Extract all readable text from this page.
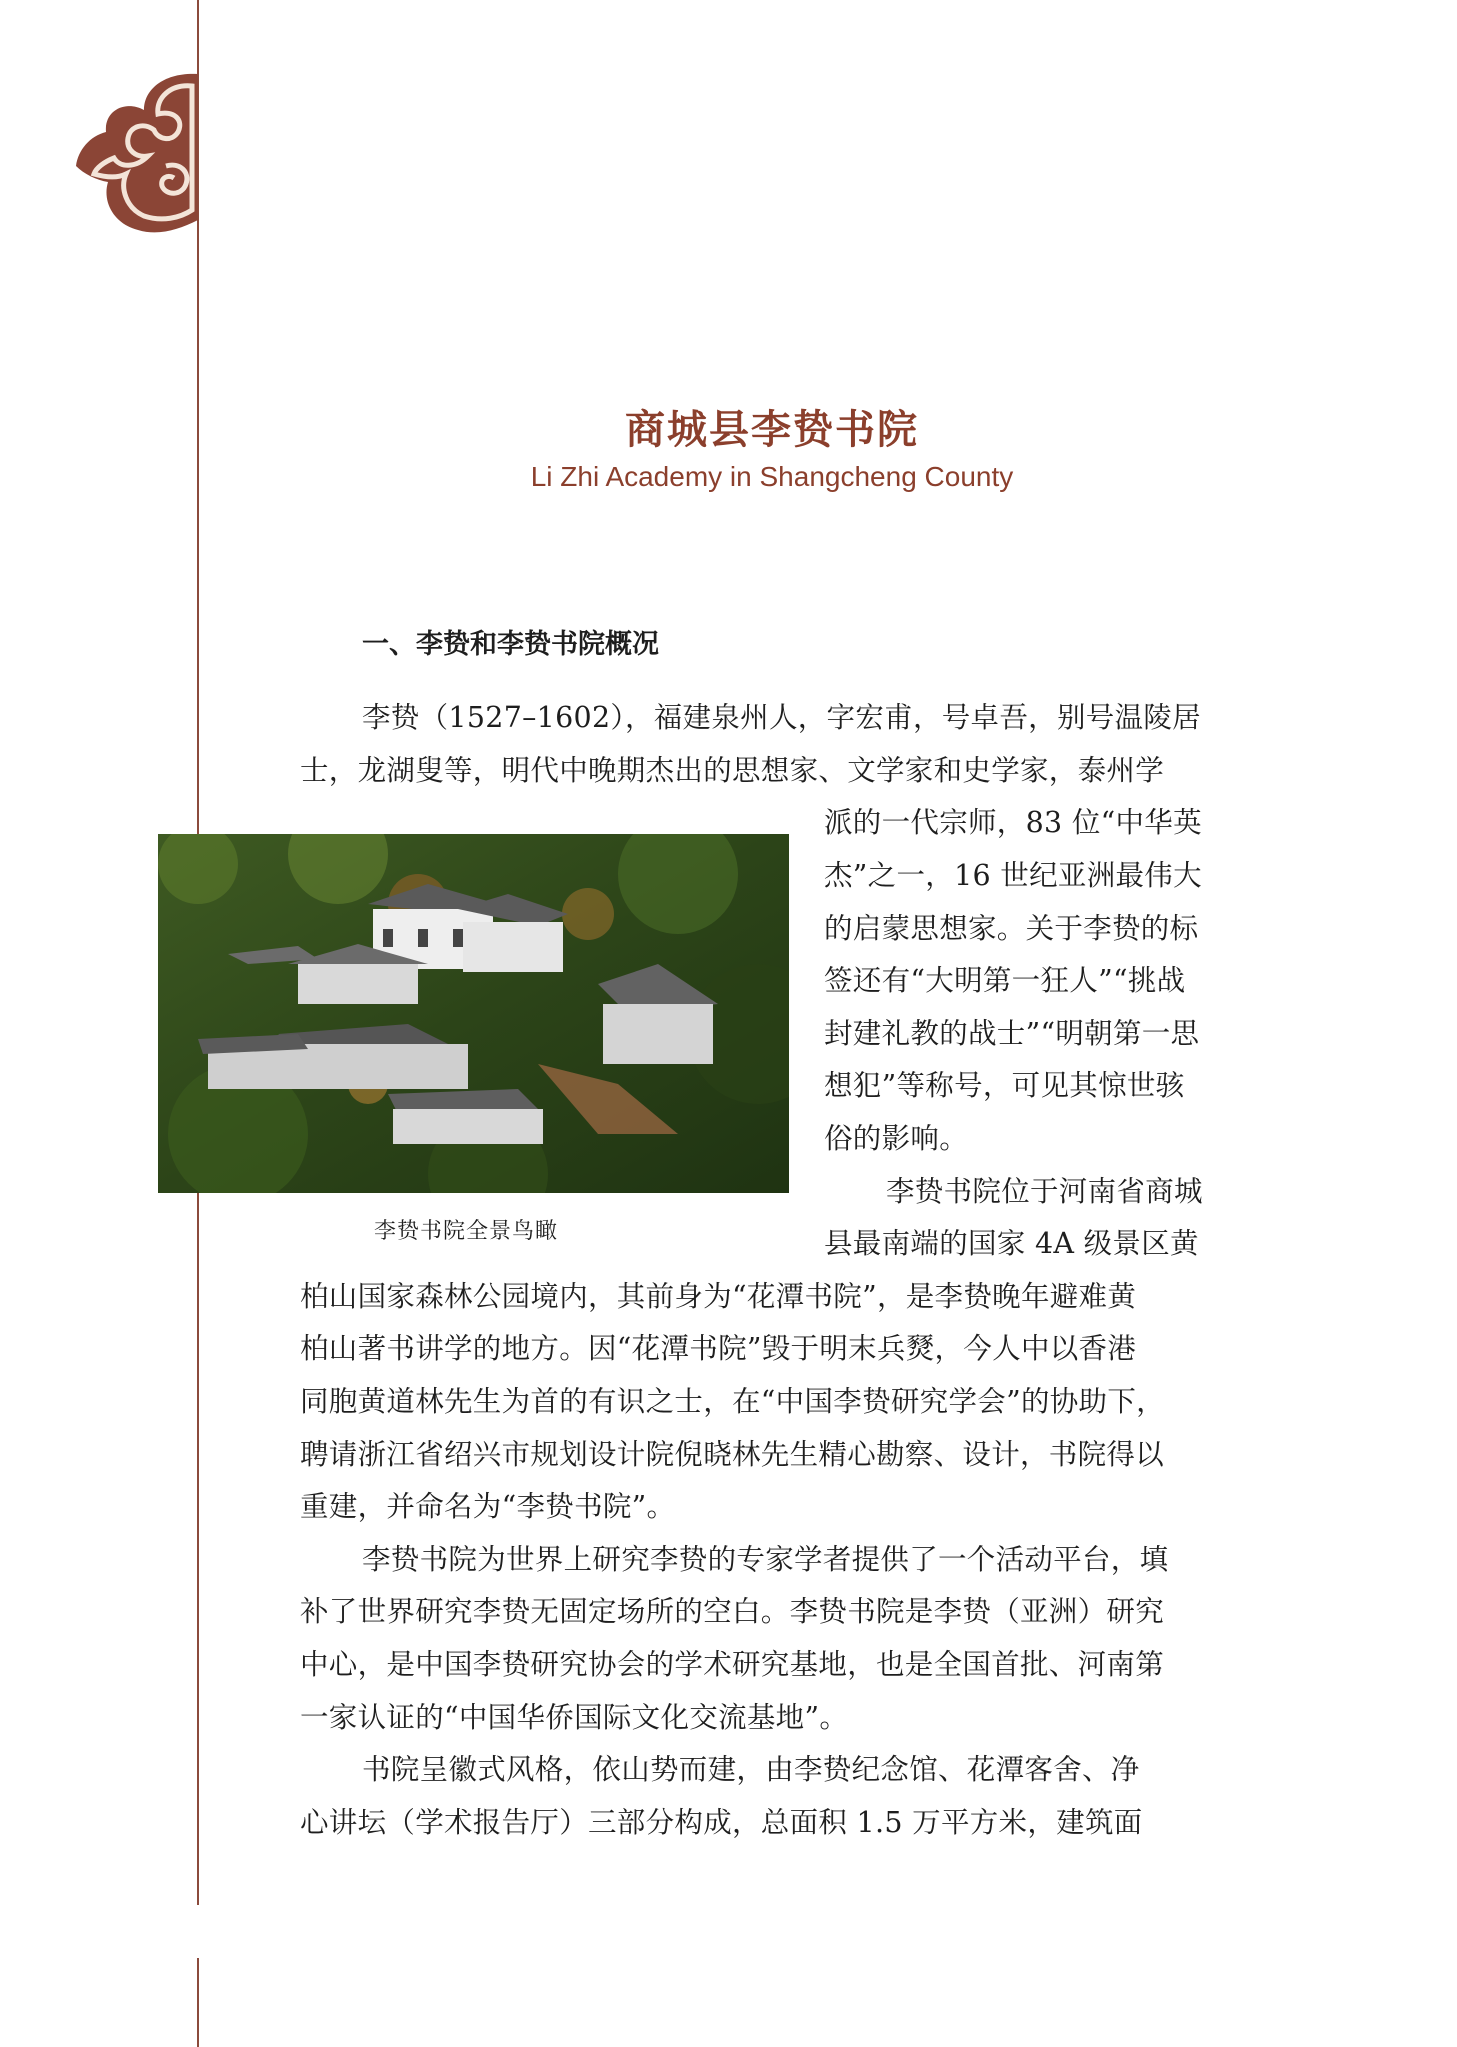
商城县李贽书院
Li Zhi Academy in Shangcheng County
一、李贽和李贽书院概况
李贽书院全景鸟瞰
李贽（1527–1602），福建泉州人，字宏甫，号卓吾，别号温陵居
士，龙湖叟等，明代中晚期杰出的思想家、文学家和史学家，泰州学
派的一代宗师，83 位“中华英
杰”之一，16 世纪亚洲最伟大
的启蒙思想家。关于李贽的标
签还有“大明第一狂人”“挑战
封建礼教的战士”“明朝第一思
想犯”等称号，可见其惊世骇
俗的影响。
李贽书院位于河南省商城
县最南端的国家 4A 级景区黄
柏山国家森林公园境内，其前身为“花潭书院”，是李贽晚年避难黄
柏山著书讲学的地方。因“花潭书院”毁于明末兵燹，今人中以香港
同胞黄道林先生为首的有识之士，在“中国李贽研究学会”的协助下，
聘请浙江省绍兴市规划设计院倪晓林先生精心勘察、设计，书院得以
重建，并命名为“李贽书院”。
李贽书院为世界上研究李贽的专家学者提供了一个活动平台，填
补了世界研究李贽无固定场所的空白。李贽书院是李贽（亚洲）研究
中心，是中国李贽研究协会的学术研究基地，也是全国首批、河南第
一家认证的“中国华侨国际文化交流基地”。
书院呈徽式风格，依山势而建，由李贽纪念馆、花潭客舍、净
心讲坛（学术报告厅）三部分构成，总面积 1.5 万平方米，建筑面
